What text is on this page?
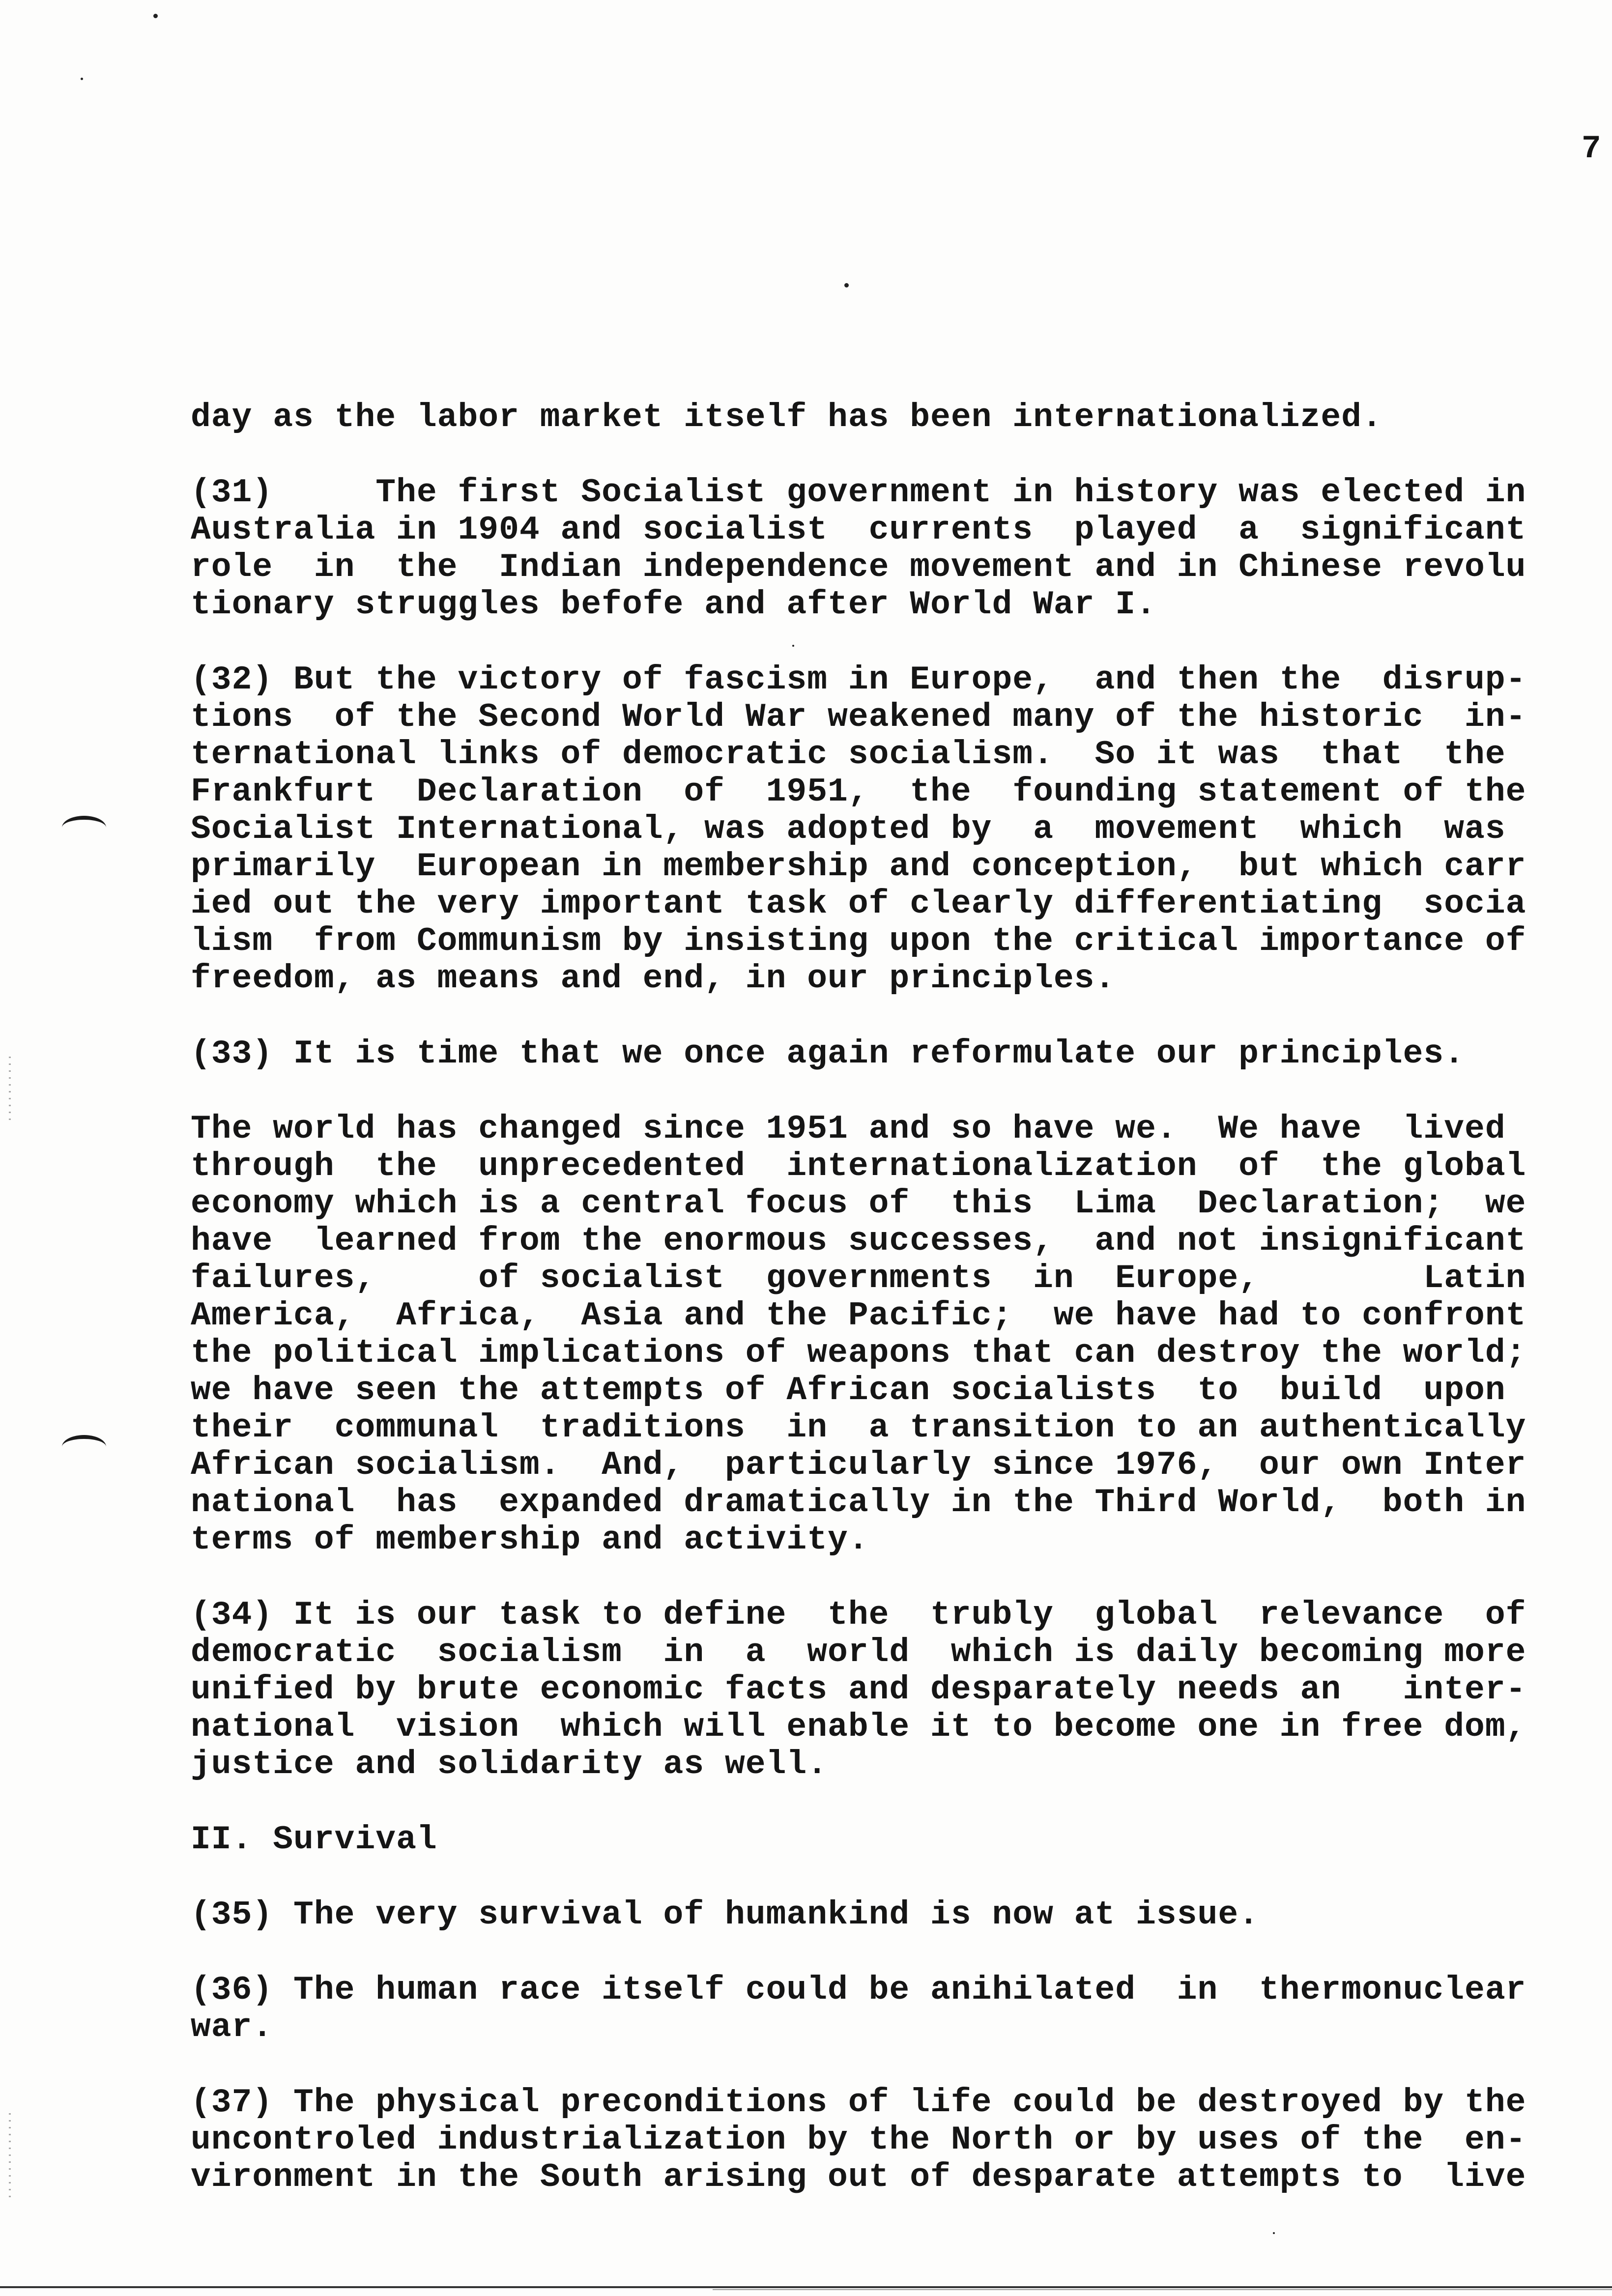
7
day as the labor market itself has been internationalized.
(31)     The first Socialist government in history was elected in
Australia in 1904 and socialist  currents  played  a  significant
role  in  the  Indian independence movement and in Chinese revolu
tionary struggles befofe and after World War I.
(32) But the victory of fascism in Europe,  and then the  disrup-
tions  of the Second World War weakened many of the historic  in-
ternational links of democratic socialism.  So it was  that  the
Frankfurt  Declaration  of  1951,  the  founding statement of the
Socialist International, was adopted by  a  movement  which  was
primarily  European in membership and conception,  but which carr
ied out the very important task of clearly differentiating  socia
lism  from Communism by insisting upon the critical importance of
freedom, as means and end, in our principles.
(33) It is time that we once again reformulate our principles.
The world has changed since 1951 and so have we.  We have  lived
through  the  unprecedented  internationalization  of  the global
economy which is a central focus of  this  Lima  Declaration;  we
have  learned from the enormous successes,  and not insignificant
failures,     of socialist  governments  in  Europe,        Latin
America,  Africa,  Asia and the Pacific;  we have had to confront
the political implications of weapons that can destroy the world;
we have seen the attempts of African socialists  to  build  upon
their  communal  traditions  in  a transition to an authentically
African socialism.  And,  particularly since 1976,  our own Inter
national  has  expanded dramatically in the Third World,  both in
terms of membership and activity.
(34) It is our task to define  the  trubly  global  relevance  of
democratic  socialism  in  a  world  which is daily becoming more
unified by brute economic facts and desparately needs an   inter-
national  vision  which will enable it to become one in free dom,
justice and solidarity as well.
II. Survival
(35) The very survival of humankind is now at issue.
(36) The human race itself could be anihilated  in  thermonuclear
war.
(37) The physical preconditions of life could be destroyed by the
uncontroled industrialization by the North or by uses of the  en-
vironment in the South arising out of desparate attempts to  live
